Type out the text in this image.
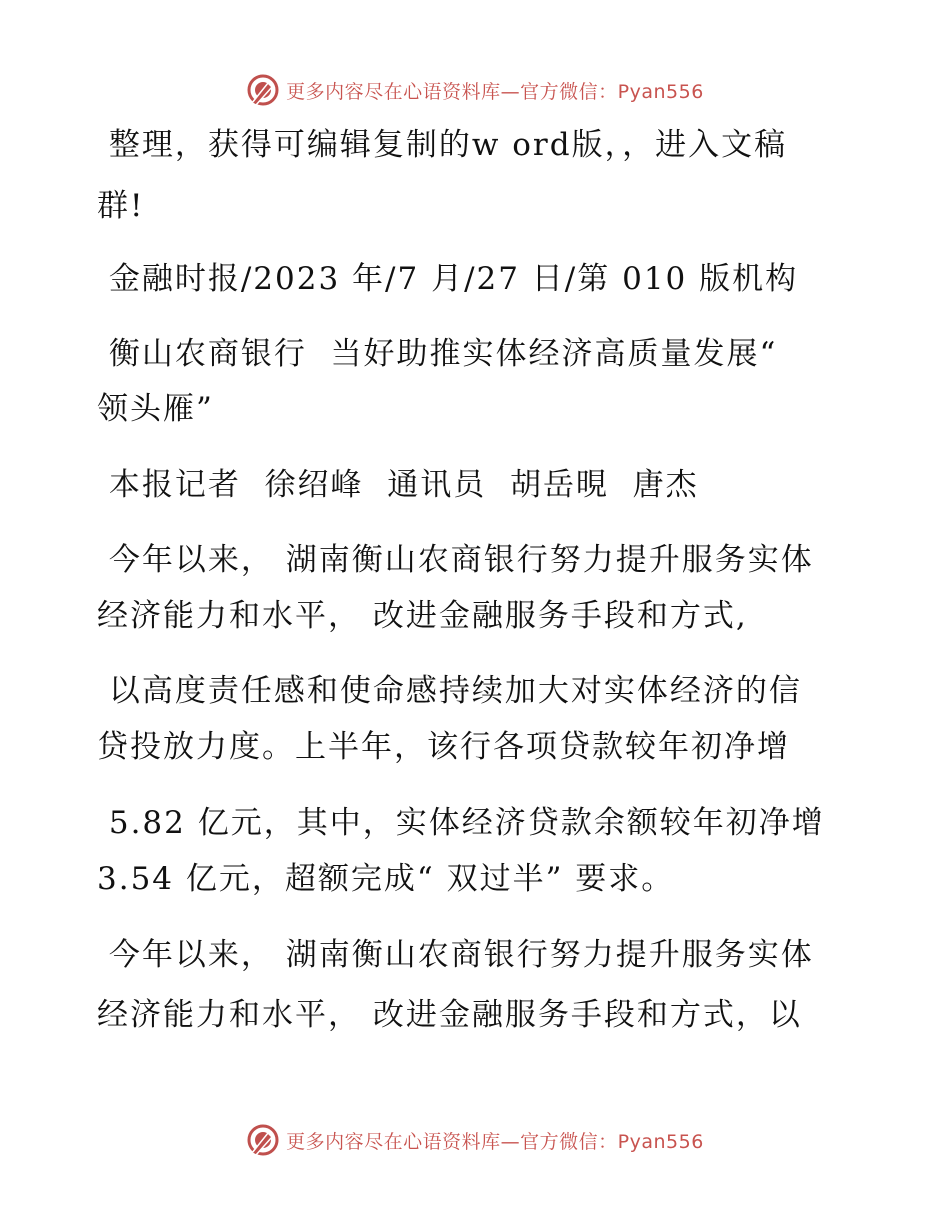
更多内容尽在心语资料库—官方微信：Pyan556
整理，获得可编辑复制的w ord版，，进入文稿
群!
金融时报/2023 年/7 月/27 日/第 010 版机构
衡山农商银行  当好助推实体经济高质量发展“
领头雁”
本报记者  徐绍峰  通讯员  胡岳晛  唐杰
今年以来， 湖南衡山农商银行努力提升服务实体
经济能力和水平， 改进金融服务手段和方式,
以高度责任感和使命感持续加大对实体经济的信
贷投放力度。上半年，该行各项贷款较年初净增
5.82 亿元，其中，实体经济贷款余额较年初净增
3.54 亿元，超额完成“ 双过半” 要求。
今年以来， 湖南衡山农商银行努力提升服务实体
经济能力和水平， 改进金融服务手段和方式，以
更多内容尽在心语资料库—官方微信：Pyan556
